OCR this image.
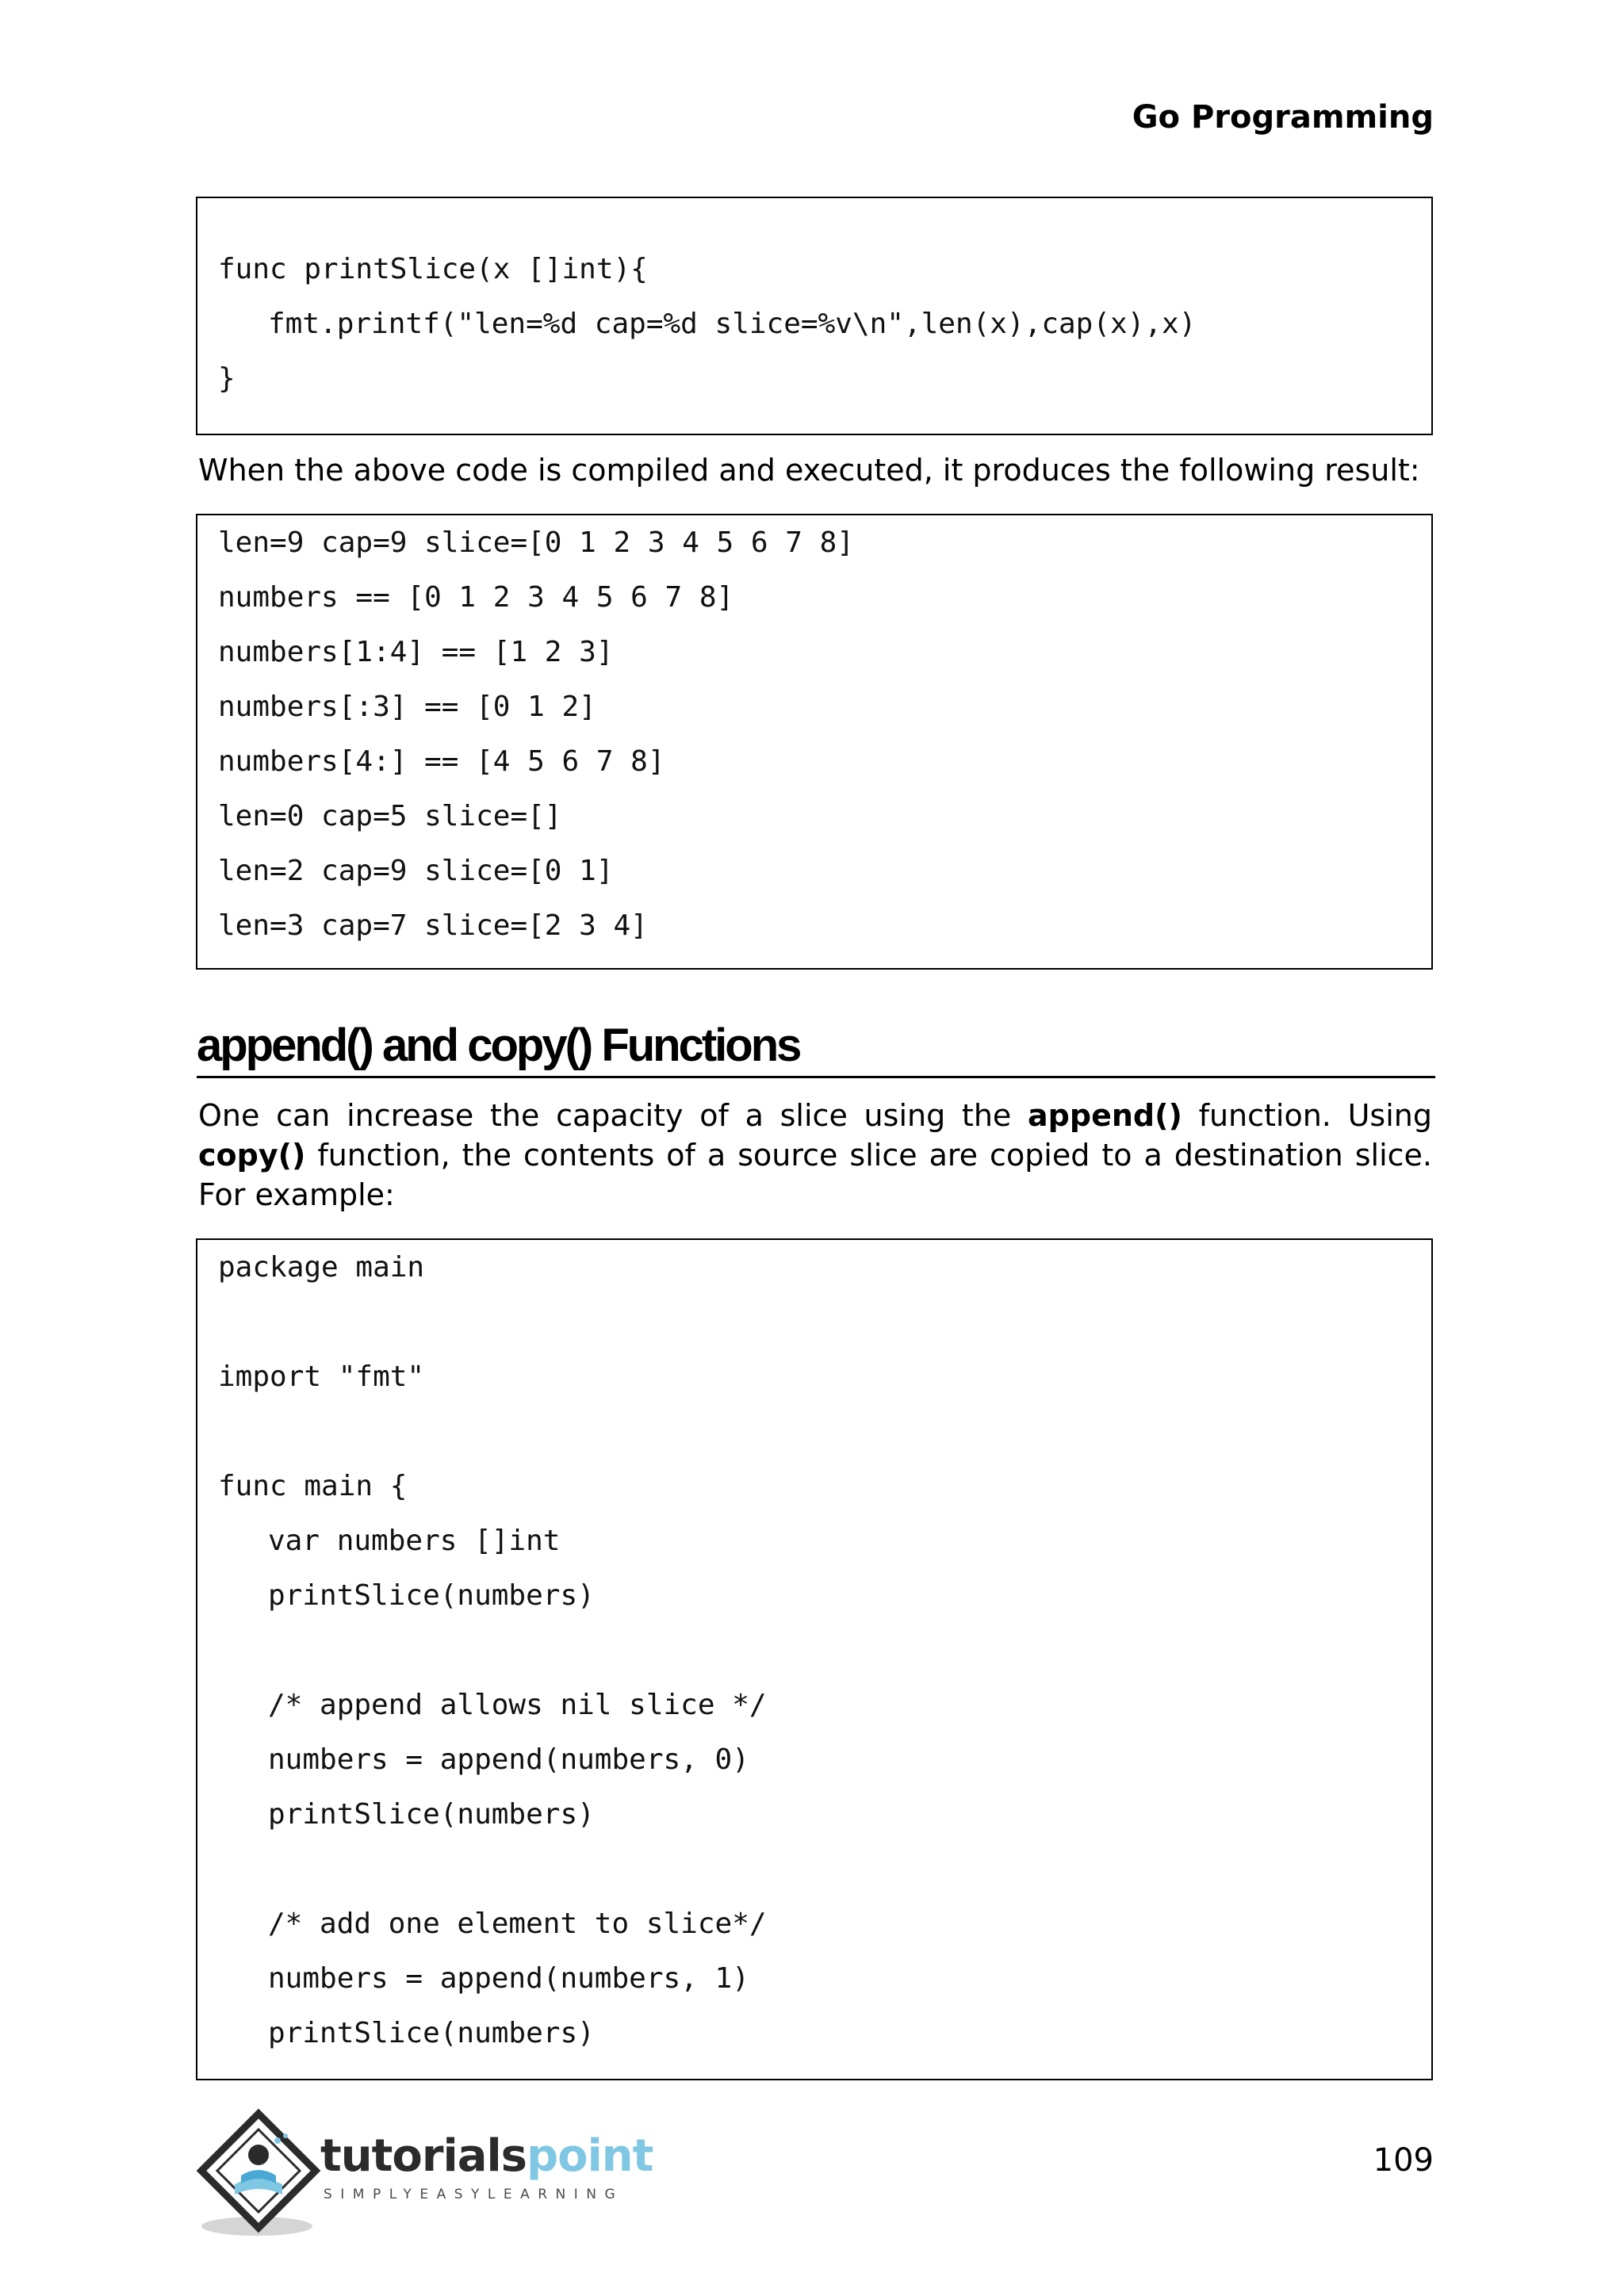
Go Programming
func printSlice(x []int){
fmt.printf("len=%d cap=%d slice=%v\n",len(x),cap(x),x)
}
When the above code is compiled and executed, it produces the following result:
len=9 cap=9 slice=[0 1 2 3 4 5 6 7 8]
numbers == [0 1 2 3 4 5 6 7 8]
numbers[1:4] == [1 2 3]
numbers[:3] == [0 1 2]
numbers[4:] == [4 5 6 7 8]
len=0 cap=5 slice=[]
len=2 cap=9 slice=[0 1]
len=3 cap=7 slice=[2 3 4]
append() and copy() Functions
One can increase the capacity of a slice using the append() function. Using copy() function, the contents of a source slice are copied to a destination slice. For example:
package main
import "fmt"
func main {
var numbers []int
printSlice(numbers)
/* append allows nil slice */
numbers = append(numbers, 0)
printSlice(numbers)
/* add one element to slice*/
numbers = append(numbers, 1)
printSlice(numbers)
tutorialspoint
SIMPLYEASYLEARNING
109
